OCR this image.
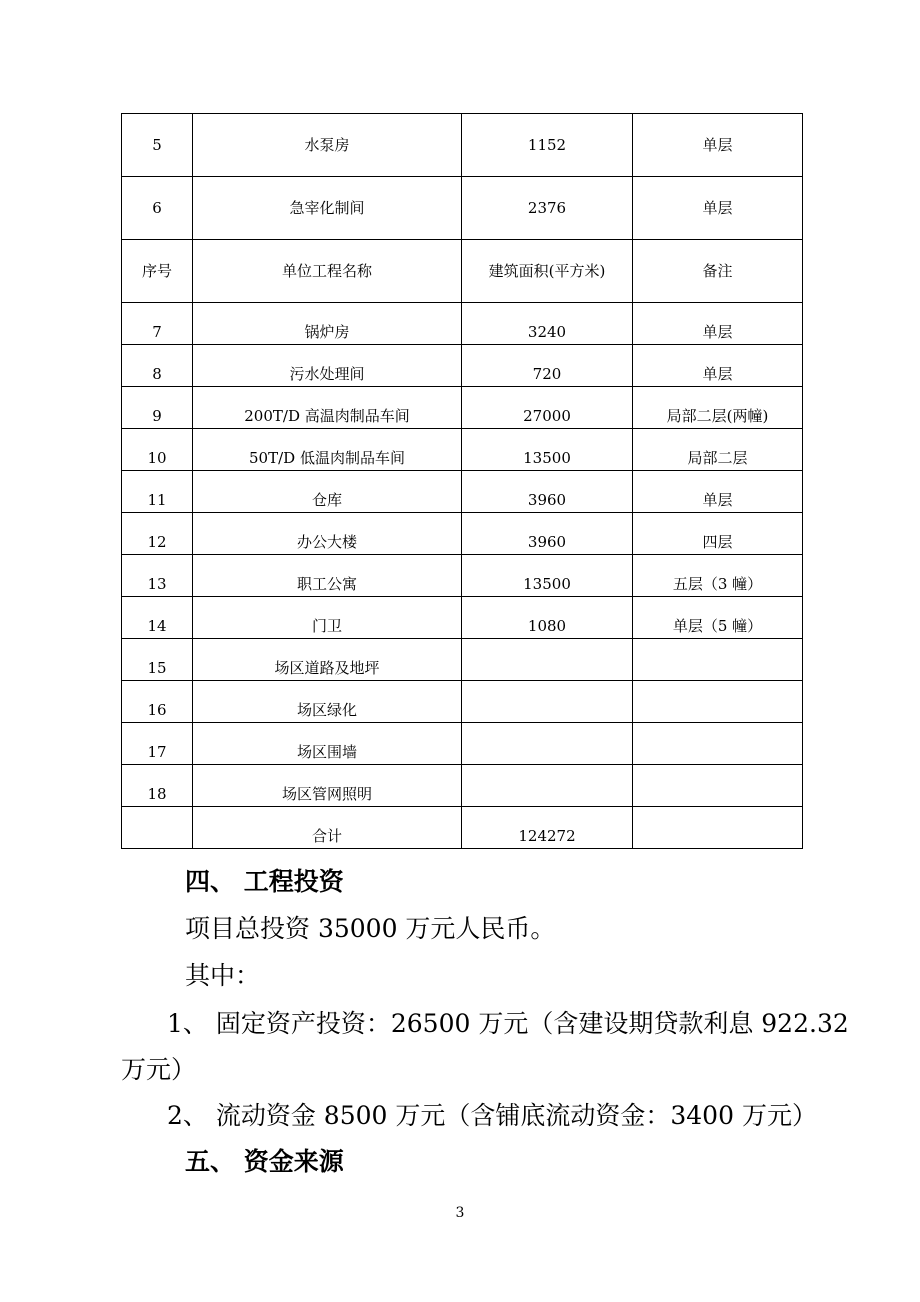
5	水泵房	1152	单层

6	急宰化制间	2376	单层

序号	单位工程名称	建筑面积(平方米)	备注

7	锅炉房	3240	单层

8	污水处理间	720	单层

9	200T/D 高温肉制品车间	27000	局部二层(两幢)

10	50T/D 低温肉制品车间	13500	局部二层

11	仓库	3960	单层

12	办公大楼	3960	四层

13	职工公寓	13500	五层（3 幢）

14	门卫	1080	单层（5 幢）

15	场区道路及地坪		

16	场区绿化		

17	场区围墙		

18	场区管网照明		

	合计	124272	

四、 工程投资
项目总投资 35000 万元人民币。
其中：
1、 固定资产投资：26500 万元（含建设期贷款利息 922.32
万元）
2、 流动资金 8500 万元（含铺底流动资金：3400 万元）
五、 资金来源
3
